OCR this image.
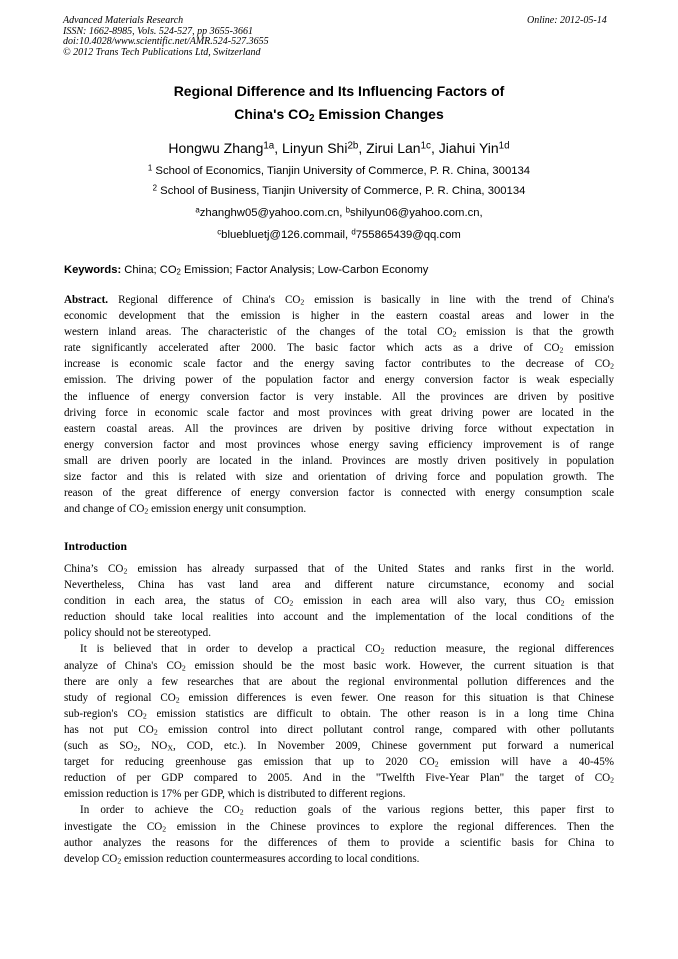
Advanced Materials Research
ISSN: 1662-8985, Vols. 524-527, pp 3655-3661
doi:10.4028/www.scientific.net/AMR.524-527.3655
© 2012 Trans Tech Publications Ltd, Switzerland
Online: 2012-05-14
Regional Difference and Its Influencing Factors of
China's $CO_2$ Emission Changes
Hongwu Zhang$^{1a}$, Linyun Shi$^{2b}$, Zirui Lan$^{1c}$, Jiahui Yin$^{1d}$
$^1$ School of Economics, Tianjin University of Commerce, P. R. China, 300134
$^2$ School of Business, Tianjin University of Commerce, P. R. China, 300134
$^a$zhanghw05@yahoo.com.cn, $^b$shilyun06@yahoo.com.cn,
$^c$bluebluetj@126.commail, $^d$755865439@qq.com
Keywords: China; $CO_2$ Emission; Factor Analysis; Low-Carbon Economy
Abstract. Regional difference of China's $CO_2$ emission is basically in line with the trend of China's
economic development that the emission is higher in the eastern coastal areas and lower in the
western inland areas. The characteristic of the changes of the total $CO_2$ emission is that the growth
rate significantly accelerated after 2000. The basic factor which acts as a drive of $CO_2$ emission
increase is economic scale factor and the energy saving factor contributes to the decrease of $CO_2$
emission. The driving power of the population factor and energy conversion factor is weak especially
the influence of energy conversion factor is very instable. All the provinces are driven by positive
driving force in economic scale factor and most provinces with great driving power are located in the
eastern coastal areas. All the provinces are driven by positive driving force without expectation in
energy conversion factor and most provinces whose energy saving efficiency improvement is of range
small are driven poorly are located in the inland. Provinces are mostly driven positively in population
size factor and this is related with size and orientation of driving force and population growth. The
reason of the great difference of energy conversion factor is connected with energy consumption scale
and change of $CO_2$ emission energy unit consumption.
Introduction
China’s $CO_2$ emission has already surpassed that of the United States and ranks first in the world.
Nevertheless, China has vast land area and different nature circumstance, economy and social
condition in each area, the status of $CO_2$ emission in each area will also vary, thus $CO_2$ emission
reduction should take local realities into account and the implementation of the local conditions of the
policy should not be stereotyped.
It is believed that in order to develop a practical $CO_2$ reduction measure, the regional differences
analyze of China's $CO_2$ emission should be the most basic work. However, the current situation is that
there are only a few researches that are about the regional environmental pollution differences and the
study of regional $CO_2$ emission differences is even fewer. One reason for this situation is that Chinese
sub-region's $CO_2$ emission statistics are difficult to obtain. The other reason is in a long time China
has not put $CO_2$ emission control into direct pollutant control range, compared with other pollutants
(such as $SO_2$, $NO_X$, COD, etc.). In November 2009, Chinese government put forward a numerical
target for reducing greenhouse gas emission that up to 2020 $CO_2$ emission will have a 40-45%
reduction of per GDP compared to 2005. And in the "Twelfth Five-Year Plan" the target of $CO_2$
emission reduction is 17% per GDP, which is distributed to different regions.
In order to achieve the $CO_2$ reduction goals of the various regions better, this paper first to
investigate the $CO_2$ emission in the Chinese provinces to explore the regional differences. Then the
author analyzes the reasons for the differences of them to provide a scientific basis for China to
develop $CO_2$ emission reduction countermeasures according to local conditions.
